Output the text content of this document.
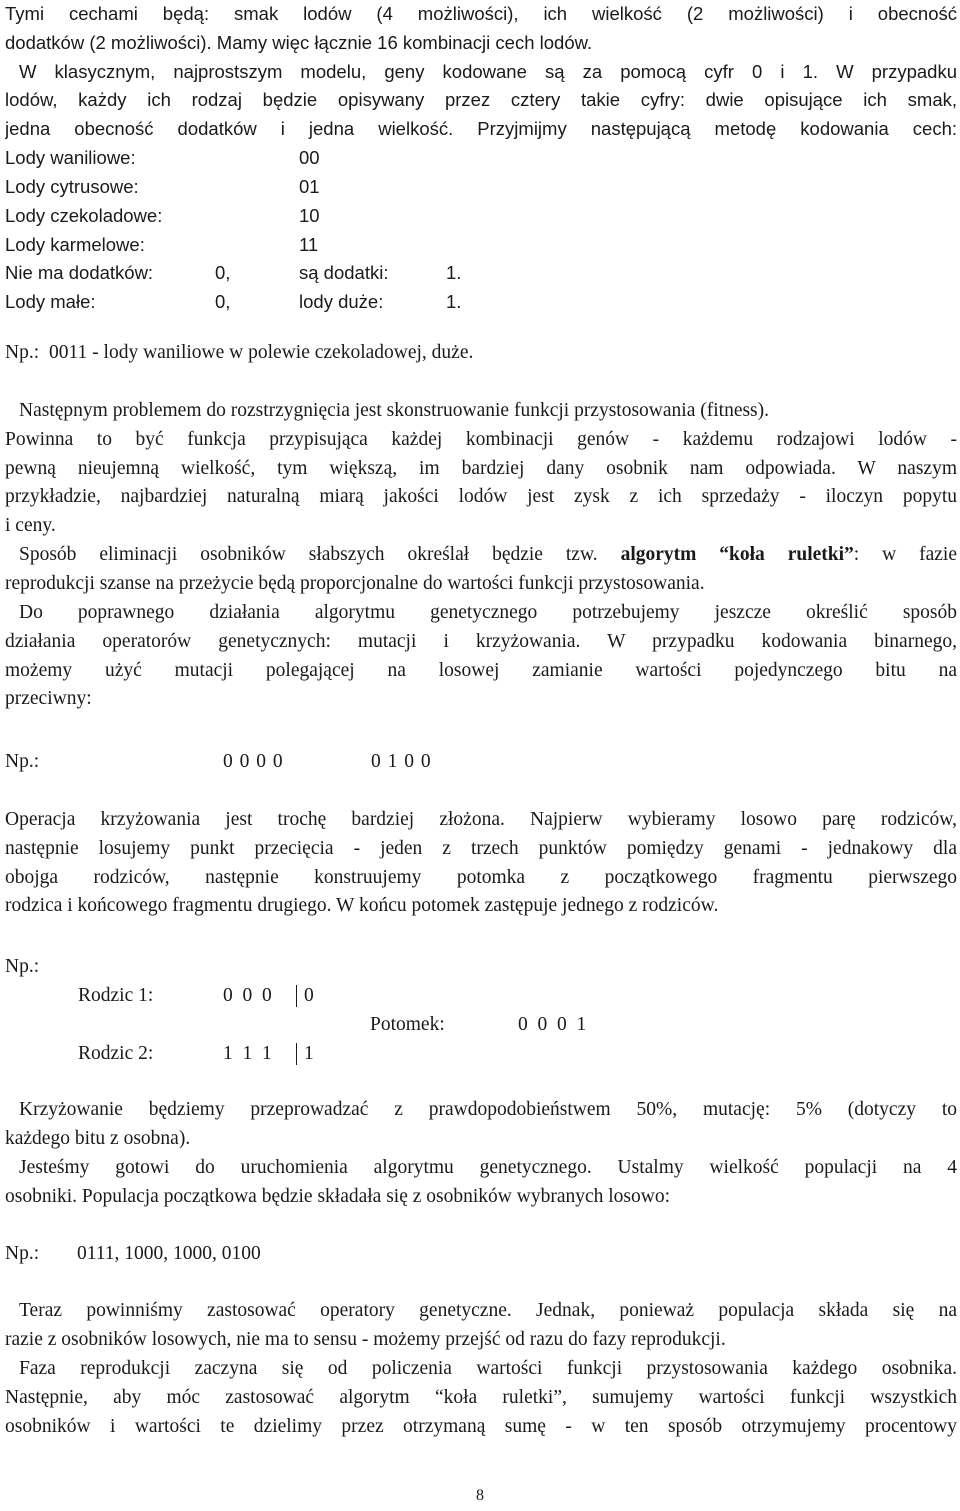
Tymi cechami będą: smak lodów (4 możliwości), ich wielkość (2 możliwości) i obecność
dodatków (2 możliwości). Mamy więc łącznie 16 kombinacji cech lodów.
W klasycznym, najprostszym modelu, geny kodowane są za pomocą cyfr 0 i 1. W przypadku
lodów, każdy ich rodzaj będzie opisywany przez cztery takie cyfry: dwie opisujące ich smak,
jedna obecność dodatków i jedna wielkość. Przyjmijmy następującą metodę kodowania cech:
Lody waniliowe:	00
Lody cytrusowe:	01
Lody czekoladowe:	10
Lody karmelowe:	11
Nie ma dodatków:	0,	są dodatki:	1.
Lody małe:	0,	lody duże:	1.
Np.: 0011 - lody waniliowe w polewie czekoladowej, duże.
Następnym problemem do rozstrzygnięcia jest skonstruowanie funkcji przystosowania (fitness).
Powinna to być funkcja przypisująca każdej kombinacji genów - każdemu rodzajowi lodów -
pewną nieujemną wielkość, tym większą, im bardziej dany osobnik nam odpowiada. W naszym
przykładzie, najbardziej naturalną miarą jakości lodów jest zysk z ich sprzedaży - iloczyn popytu
i ceny.
Sposób eliminacji osobników słabszych określał będzie tzw. algorytm “koła ruletki”: w fazie
reprodukcji szanse na przeżycie będą proporcjonalne do wartości funkcji przystosowania.
Do poprawnego działania algorytmu genetycznego potrzebujemy jeszcze określić sposób
działania operatorów genetycznych: mutacji i krzyżowania. W przypadku kodowania binarnego,
możemy użyć mutacji polegającej na losowej zamianie wartości pojedynczego bitu na
przeciwny:
Np.:	0 0 0 0	0 1 0 0
Operacja krzyżowania jest trochę bardziej złożona. Najpierw wybieramy losowo parę rodziców,
następnie losujemy punkt przecięcia - jeden z trzech punktów pomiędzy genami - jednakowy dla
obojga rodziców, następnie konstruujemy potomka z początkowego fragmentu pierwszego
rodzica i końcowego fragmentu drugiego. W końcu potomek zastępuje jednego z rodziców.
Np.:
Rodzic 1:	0  0  0 0
Potomek:	0  0  0  1
Rodzic 2:	1  1  1 1
Krzyżowanie będziemy przeprowadzać z prawdopodobieństwem 50%, mutację: 5% (dotyczy to
każdego bitu z osobna).
Jesteśmy gotowi do uruchomienia algorytmu genetycznego. Ustalmy wielkość populacji na 4
osobniki. Populacja początkowa będzie składała się z osobników wybranych losowo:
Np.: 0111, 1000, 1000, 0100
Teraz powinniśmy zastosować operatory genetyczne. Jednak, ponieważ populacja składa się na
razie z osobników losowych, nie ma to sensu - możemy przejść od razu do fazy reprodukcji.
Faza reprodukcji zaczyna się od policzenia wartości funkcji przystosowania każdego osobnika.
Następnie, aby móc zastosować algorytm “koła ruletki”, sumujemy wartości funkcji wszystkich
osobników i wartości te dzielimy przez otrzymaną sumę - w ten sposób otrzymujemy procentowy
8
